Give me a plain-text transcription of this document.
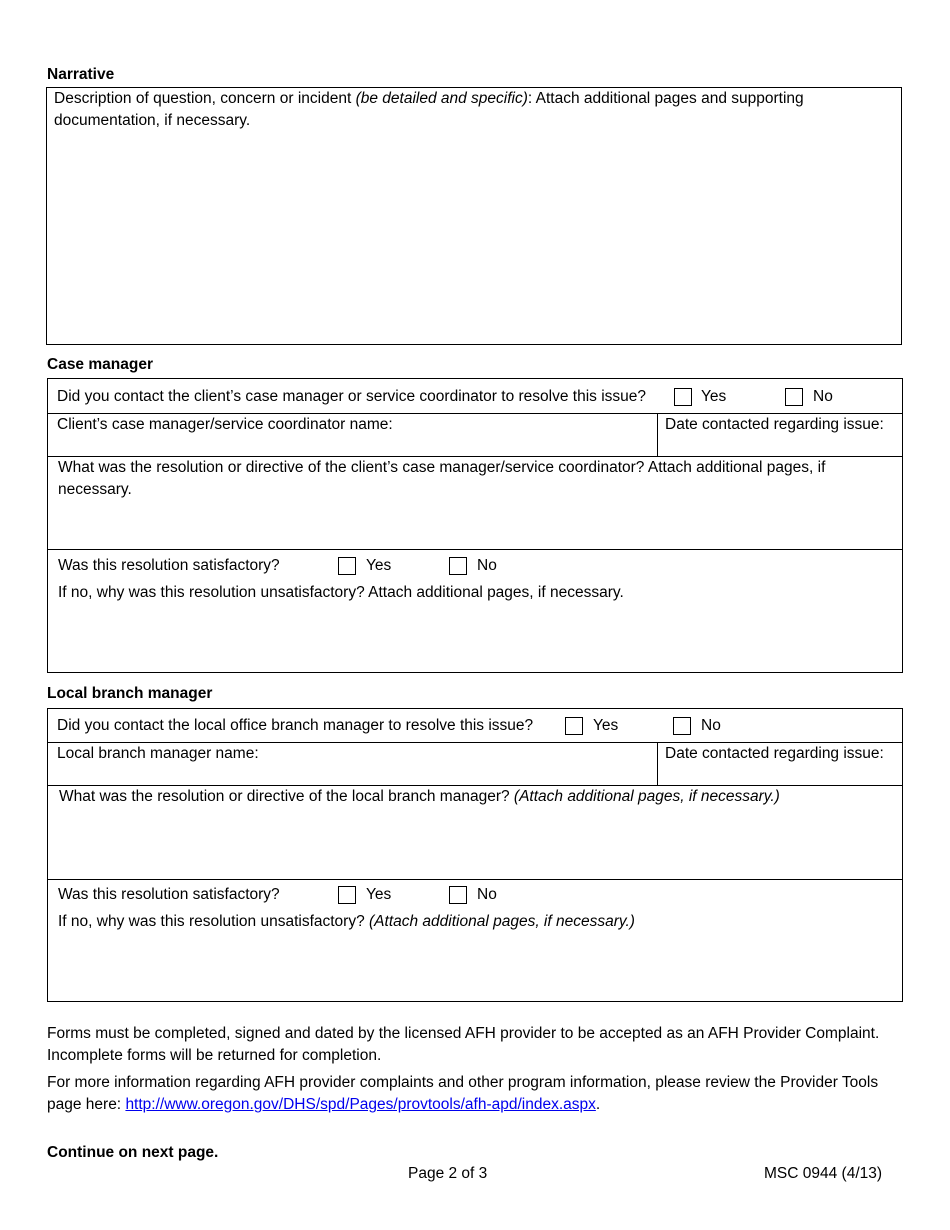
Narrative
Description of question, concern or incident (be detailed and specific): Attach additional pages and supporting
documentation, if necessary.
Case manager
Did you contact the client’s case manager or service coordinator to resolve this issue?	Yes	No
Client’s case manager/service coordinator name:	Date contacted regarding issue:
What was the resolution or directive of the client’s case manager/service coordinator? Attach additional pages, if necessary.
Was this resolution satisfactory?	Yes	No
If no, why was this resolution unsatisfactory? Attach additional pages, if necessary.
Local branch manager
Did you contact the local office branch manager to resolve this issue?	Yes	No
Local branch manager name:	Date contacted regarding issue:
What was the resolution or directive of the local branch manager? (Attach additional pages, if necessary.)
Was this resolution satisfactory?	Yes	No
If no, why was this resolution unsatisfactory? (Attach additional pages, if necessary.)
Forms must be completed, signed and dated by the licensed AFH provider to be accepted as an AFH Provider Complaint.
Incomplete forms will be returned for completion.
For more information regarding AFH provider complaints and other program information, please review the Provider Tools
page here: http://www.oregon.gov/DHS/spd/Pages/provtools/afh-apd/index.aspx.
Continue on next page.
Page 2 of 3	MSC 0944 (4/13)
